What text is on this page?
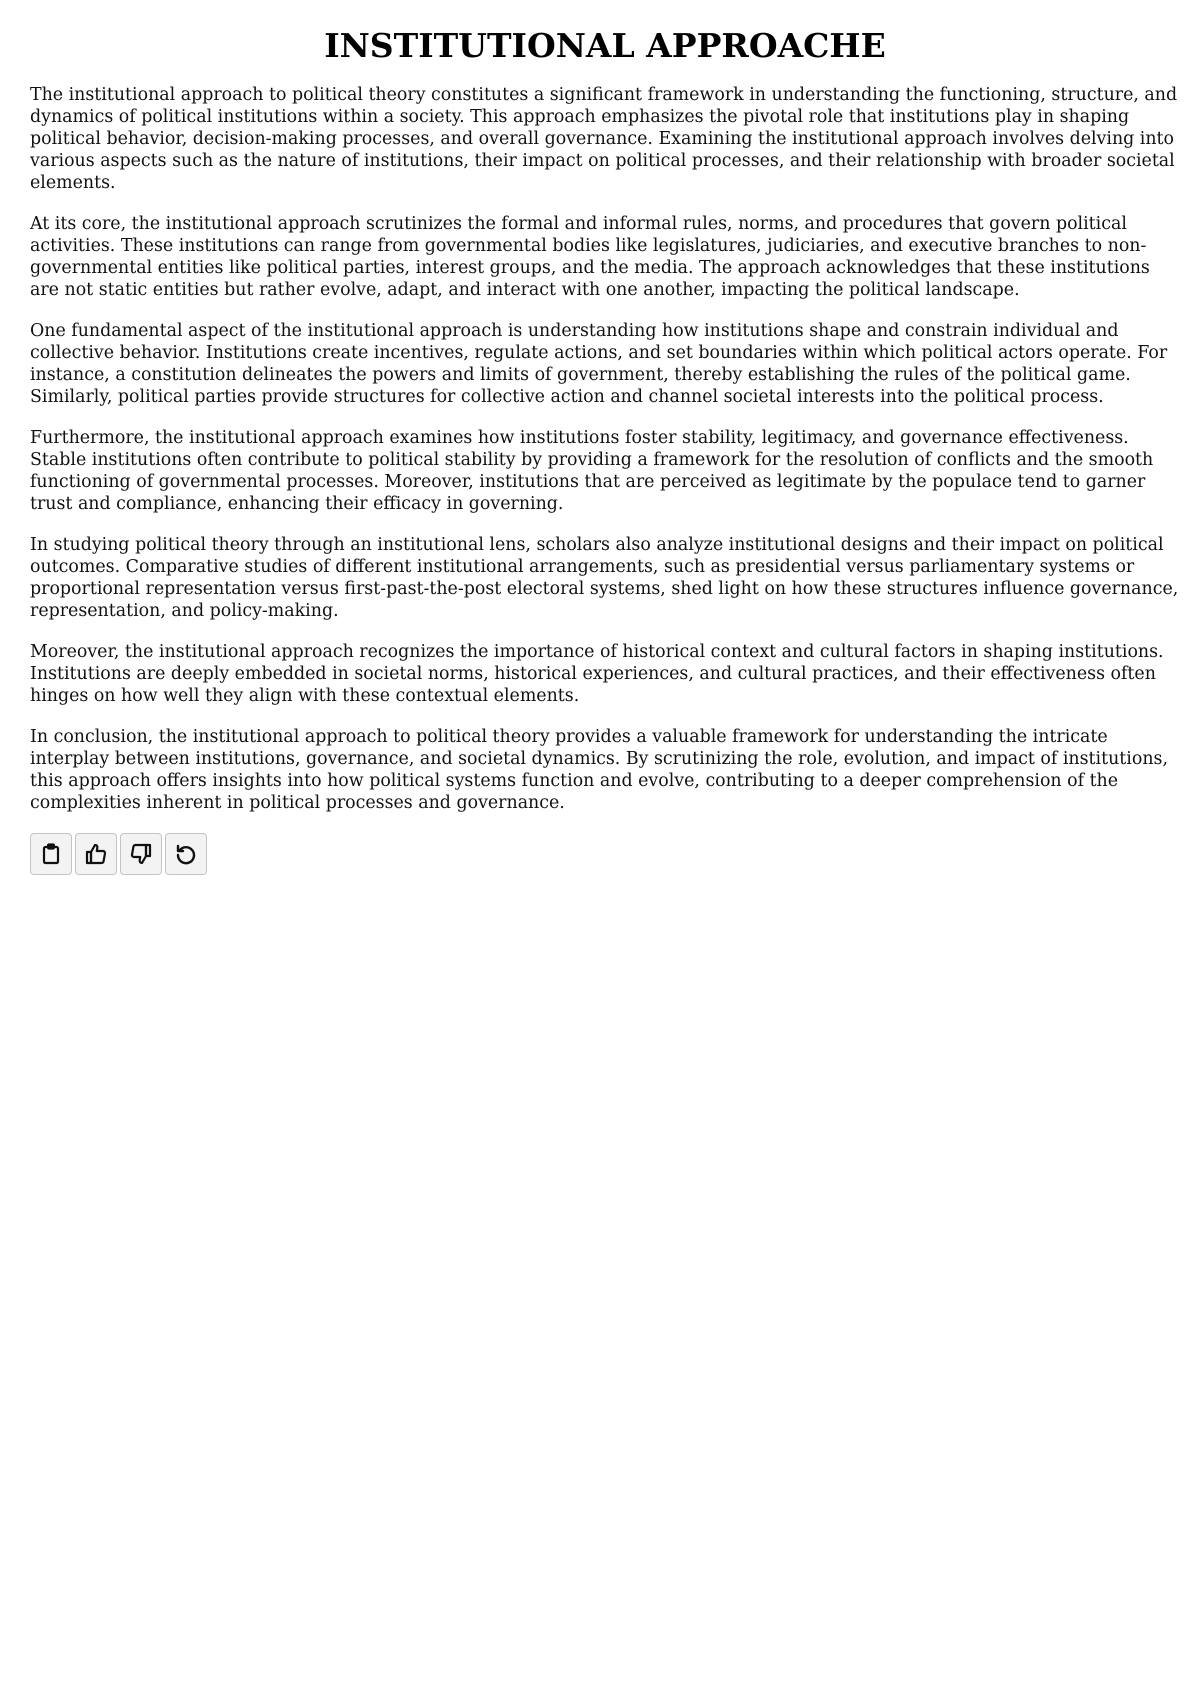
INSTITUTIONAL APPROACHE

The institutional approach to political theory constitutes a significant framework in understanding the functioning, structure, and dynamics of political institutions within a society. This approach emphasizes the pivotal role that institutions play in shaping political behavior, decision-making processes, and overall governance. Examining the institutional approach involves delving into various aspects such as the nature of institutions, their impact on political processes, and their relationship with broader societal elements.

At its core, the institutional approach scrutinizes the formal and informal rules, norms, and procedures that govern political activities. These institutions can range from governmental bodies like legislatures, judiciaries, and executive branches to non-governmental entities like political parties, interest groups, and the media. The approach acknowledges that these institutions are not static entities but rather evolve, adapt, and interact with one another, impacting the political landscape.

One fundamental aspect of the institutional approach is understanding how institutions shape and constrain individual and collective behavior. Institutions create incentives, regulate actions, and set boundaries within which political actors operate. For instance, a constitution delineates the powers and limits of government, thereby establishing the rules of the political game. Similarly, political parties provide structures for collective action and channel societal interests into the political process.

Furthermore, the institutional approach examines how institutions foster stability, legitimacy, and governance effectiveness. Stable institutions often contribute to political stability by providing a framework for the resolution of conflicts and the smooth functioning of governmental processes. Moreover, institutions that are perceived as legitimate by the populace tend to garner trust and compliance, enhancing their efficacy in governing.

In studying political theory through an institutional lens, scholars also analyze institutional designs and their impact on political outcomes. Comparative studies of different institutional arrangements, such as presidential versus parliamentary systems or proportional representation versus first-past-the-post electoral systems, shed light on how these structures influence governance, representation, and policy-making.

Moreover, the institutional approach recognizes the importance of historical context and cultural factors in shaping institutions. Institutions are deeply embedded in societal norms, historical experiences, and cultural practices, and their effectiveness often hinges on how well they align with these contextual elements.

In conclusion, the institutional approach to political theory provides a valuable framework for understanding the intricate interplay between institutions, governance, and societal dynamics. By scrutinizing the role, evolution, and impact of institutions, this approach offers insights into how political systems function and evolve, contributing to a deeper comprehension of the complexities inherent in political processes and governance.
